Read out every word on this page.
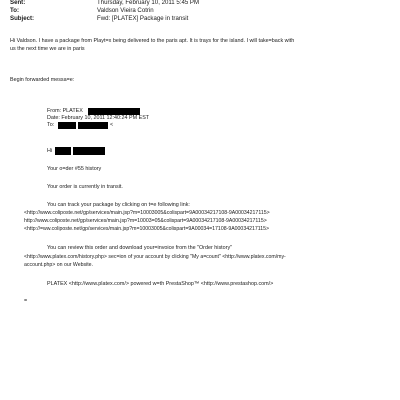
Sent:	Thursday, February 10, 2011 5:45 PM
To:	Valdson Vieira Cotrin
Subject:	Fwd: [PLATEX] Package in transit
Hi Valdson. I have a package from Playt=x being delivered to the paris apt. It is trays for the island. I will take=back with
us the next time we are in paris
Begin forwarded messa=e:
From: PLATEX
Date: February 10, 2011 12:40:24 PM EST
To:	<
Hi
Your o=der #55 history
Your order is currently in transit.
You can track your package by clicking on t=e following link:
<http://www.coliposte.net/gp/services/main.jsp?m=10003005&colispart=9A00034217108-9A00034217115>
http://www.coliposte.net/gp/services/main.jsp?m=10003=05&colispart=9A00034217108-9A00034217115>
<http://=ww.coliposte.net/gp/services/main.jsp?m=10003005&colispart=9A00034=17108-9A00034217115>
You can review this order and download your=invoice from the "Order history"
<http://www.platex.com/history.php> sec=ion of your account by clicking "My a=count" <http://www.platex.com/my-
account.php> on our Website.
PLATEX <http://www.platex.com/> powered w=th PrestaShop™ <http://www.prestashop.com/>
=
